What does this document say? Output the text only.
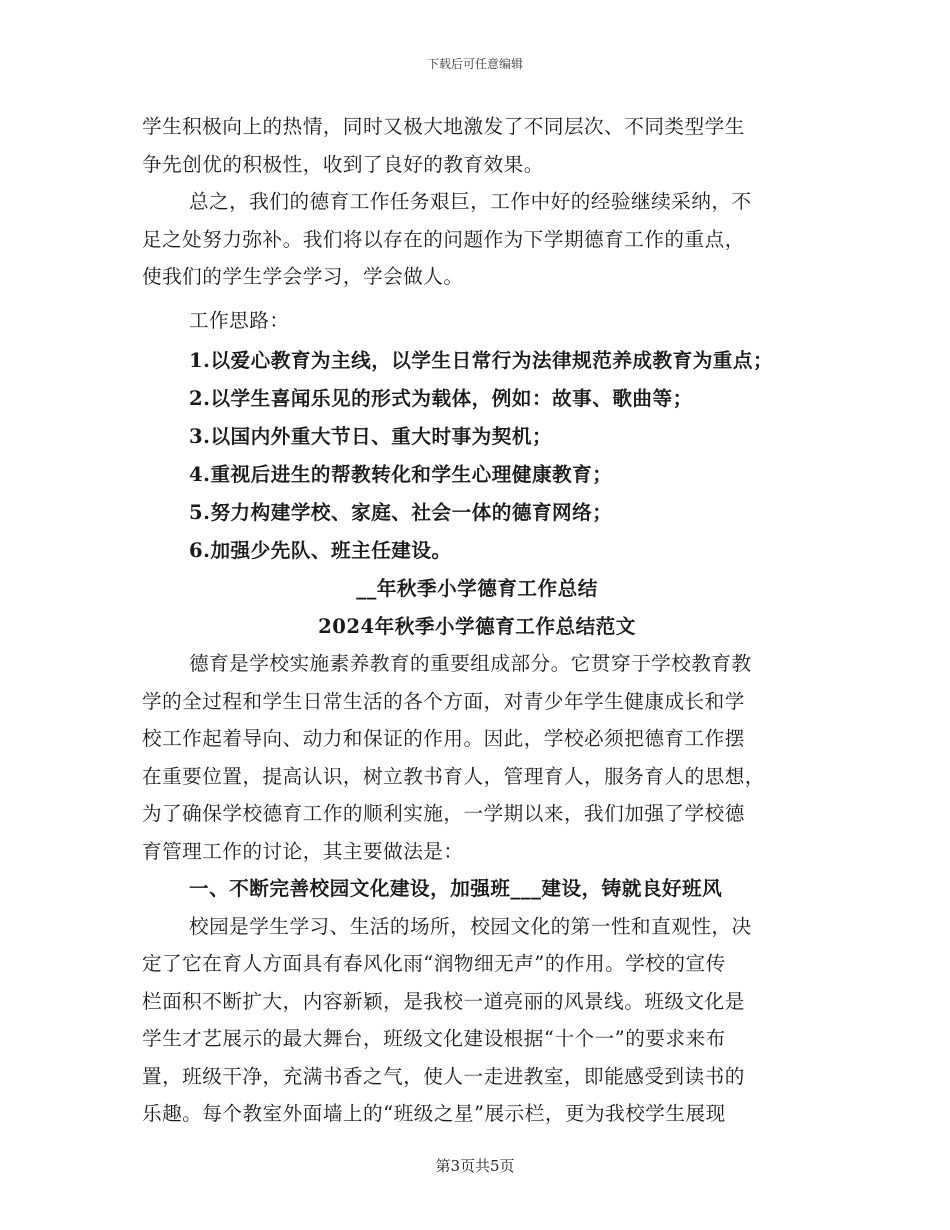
下载后可任意编辑

学生积极向上的热情，同时又极大地激发了不同层次、不同类型学生

争先创优的积极性，收到了良好的教育效果。

总之，我们的德育工作任务艰巨，工作中好的经验继续采纳，不

足之处努力弥补。我们将以存在的问题作为下学期德育工作的重点，

使我们的学生学会学习，学会做人。

工作思路：

1.以爱心教育为主线，以学生日常行为法律规范养成教育为重点；

2.以学生喜闻乐见的形式为载体，例如：故事、歌曲等；

3.以国内外重大节日、重大时事为契机；

4.重视后进生的帮教转化和学生心理健康教育；

5.努力构建学校、家庭、社会一体的德育网络；

6.加强少先队、班主任建设。

__年秋季小学德育工作总结

2024年秋季小学德育工作总结范文

德育是学校实施素养教育的重要组成部分。它贯穿于学校教育教

学的全过程和学生日常生活的各个方面，对青少年学生健康成长和学

校工作起着导向、动力和保证的作用。因此，学校必须把德育工作摆

在重要位置，提高认识，树立教书育人，管理育人，服务育人的思想，

为了确保学校德育工作的顺利实施，一学期以来，我们加强了学校德

育管理工作的讨论，其主要做法是：

一、不断完善校园文化建设，加强班___建设，铸就良好班风

校园是学生学习、生活的场所，校园文化的第一性和直观性，决

定了它在育人方面具有春风化雨“润物细无声”的作用。学校的宣传

栏面积不断扩大，内容新颖，是我校一道亮丽的风景线。班级文化是

学生才艺展示的最大舞台，班级文化建设根据“十个一”的要求来布

置，班级干净，充满书香之气，使人一走进教室，即能感受到读书的

乐趣。每个教室外面墙上的“班级之星”展示栏，更为我校学生展现

第3页共5页
